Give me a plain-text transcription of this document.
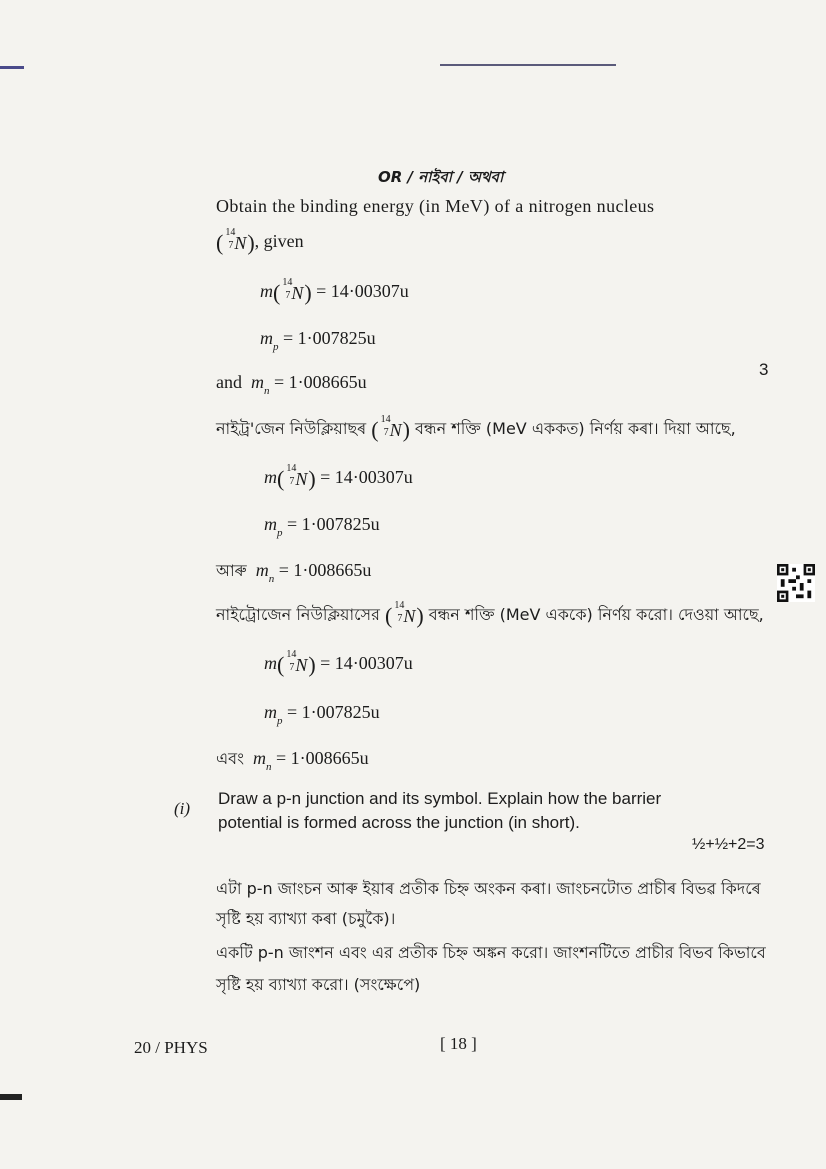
OR / নাইবা / অথবা
Obtain the binding energy (in MeV) of a nitrogen nucleus
( 14
7 N ), given
m( 14
7 N ) = 14·00307u
$m_p = 1\cdot 007825u$
and $m_n = 1\cdot 008665u$
3
নাইট্ৰ'জেন নিউক্লিয়াছৰ ( 14
7 N ) বন্ধন শক্তি (MeV এককত) নিৰ্ণয় কৰা। দিয়া আছে,
m( 14
7 N ) = 14·00307u
$m_p = 1\cdot 007825u$
আৰু $m_n = 1\cdot 008665u$
নাইট্রোজেন নিউক্লিয়াসের ( 14
7 N ) বন্ধন শক্তি (MeV এককে) নির্ণয় করো। দেওয়া আছে,
m( 14
7 N ) = 14·00307u
$m_p = 1\cdot 007825u$
এবং $m_n = 1\cdot 008665u$
(i)
Draw a p-n junction and its symbol. Explain how the barrier
potential is formed across the junction (in short).
½+½+2=3
এটা p-n জাংচন আৰু ইয়াৰ প্ৰতীক চিহ্ন অংকন কৰা। জাংচনটোত প্ৰাচীৰ বিভৱ কিদৰে
সৃষ্টি হয় ব্যাখ্যা কৰা (চমুকৈ)।
একটি p-n জাংশন এবং এর প্রতীক চিহ্ন অঙ্কন করো। জাংশনটিতে প্রাচীর বিভব কিভাবে
সৃষ্টি হয় ব্যাখ্যা করো। (সংক্ষেপে)
20 / PHYS	[ 18 ]
